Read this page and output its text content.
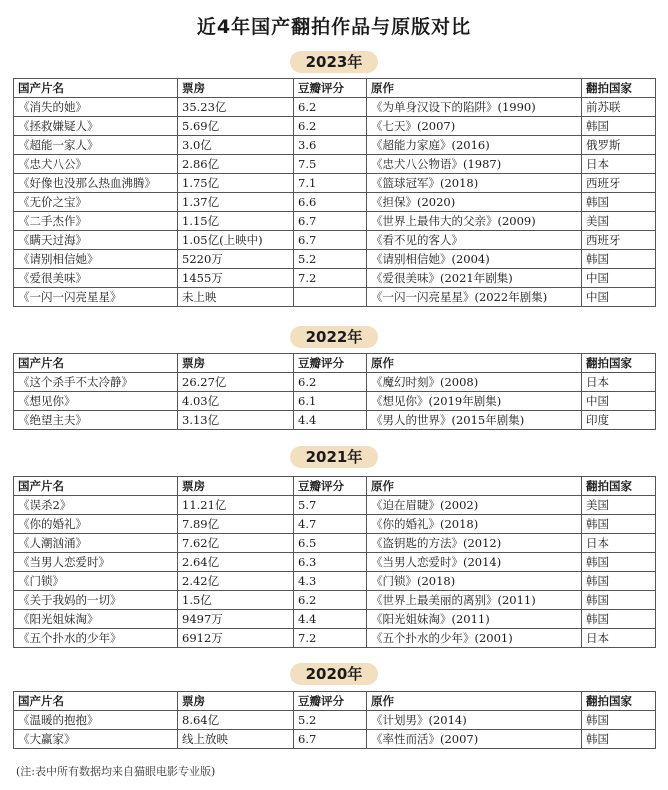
近4年国产翻拍作品与原版对比
2023年
国产片名	票房	豆瓣评分	原作	翻拍国家
《消失的她》	35.23亿	6.2	《为单身汉设下的陷阱》(1990)	前苏联
《拯救嫌疑人》	5.69亿	6.2	《七天》(2007)	韩国
《超能一家人》	3.0亿	3.6	《超能力家庭》(2016)	俄罗斯
《忠犬八公》	2.86亿	7.5	《忠犬八公物语》(1987)	日本
《好像也没那么热血沸腾》	1.75亿	7.1	《篮球冠军》(2018)	西班牙
《无价之宝》	1.37亿	6.6	《担保》(2020)	韩国
《二手杰作》	1.15亿	6.7	《世界上最伟大的父亲》(2009)	美国
《瞒天过海》	1.05亿(上映中)	6.7	《看不见的客人》	西班牙
《请别相信她》	5220万	5.2	《请别相信她》(2004)	韩国
《爱很美味》	1455万	7.2	《爱很美味》(2021年剧集)	中国
《一闪一闪亮星星》	未上映		《一闪一闪亮星星》(2022年剧集)	中国
2022年
国产片名	票房	豆瓣评分	原作	翻拍国家
《这个杀手不太冷静》	26.27亿	6.2	《魔幻时刻》(2008)	日本
《想见你》	4.03亿	6.1	《想见你》(2019年剧集)	中国
《绝望主夫》	3.13亿	4.4	《男人的世界》(2015年剧集)	印度
2021年
国产片名	票房	豆瓣评分	原作	翻拍国家
《误杀2》	11.21亿	5.7	《迫在眉睫》(2002)	美国
《你的婚礼》	7.89亿	4.7	《你的婚礼》(2018)	韩国
《人潮汹涌》	7.62亿	6.5	《盗钥匙的方法》(2012)	日本
《当男人恋爱时》	2.64亿	6.3	《当男人恋爱时》(2014)	韩国
《门锁》	2.42亿	4.3	《门锁》(2018)	韩国
《关于我妈的一切》	1.5亿	6.2	《世界上最美丽的离别》(2011)	韩国
《阳光姐妹淘》	9497万	4.4	《阳光姐妹淘》(2011)	韩国
《五个扑水的少年》	6912万	7.2	《五个扑水的少年》(2001)	日本
2020年
国产片名	票房	豆瓣评分	原作	翻拍国家
《温暖的抱抱》	8.64亿	5.2	《计划男》(2014)	韩国
《大赢家》	线上放映	6.7	《率性而活》(2007)	韩国
(注:表中所有数据均来自猫眼电影专业版)
